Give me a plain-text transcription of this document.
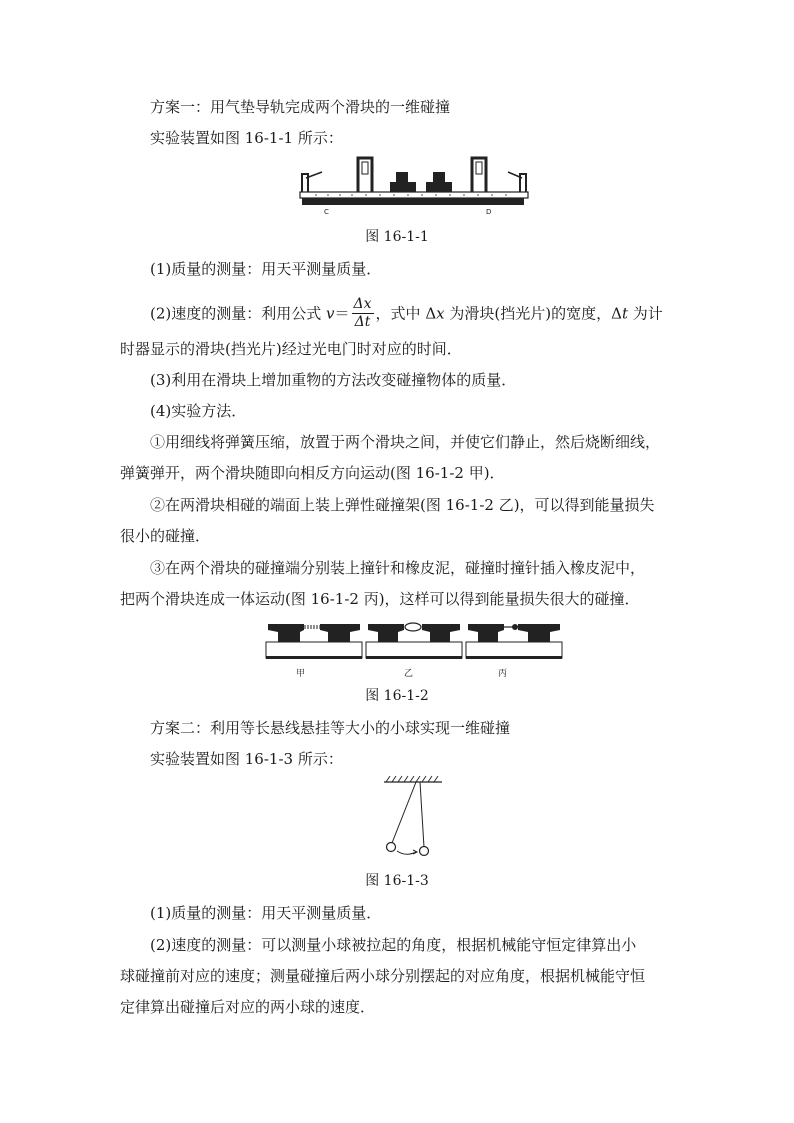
方案一：用气垫导轨完成两个滑块的一维碰撞
实验装置如图 16-1-1 所示：
C	D
图 16-1-1
(1)质量的测量：用天平测量质量．
(2)速度的测量：利用公式 $v= \frac{\Delta x}{\Delta t}$ ，式中 Δx 为滑块(挡光片)的宽度，Δt 为计
时器显示的滑块(挡光片)经过光电门时对应的时间．
(3)利用在滑块上增加重物的方法改变碰撞物体的质量．
(4)实验方法．
①用细线将弹簧压缩，放置于两个滑块之间，并使它们静止，然后烧断细线，
弹簧弹开，两个滑块随即向相反方向运动(图 16-1-2 甲)．
②在两滑块相碰的端面上装上弹性碰撞架(图 16-1-2 乙)，可以得到能量损失
很小的碰撞．
③在两个滑块的碰撞端分别装上撞针和橡皮泥，碰撞时撞针插入橡皮泥中，
把两个滑块连成一体运动(图 16-1-2 丙)，这样可以得到能量损失很大的碰撞．
甲	乙	丙
图 16-1-2
方案二：利用等长悬线悬挂等大小的小球实现一维碰撞
实验装置如图 16-1-3 所示：
图 16-1-3
(1)质量的测量：用天平测量质量．
(2)速度的测量：可以测量小球被拉起的角度，根据机械能守恒定律算出小
球碰撞前对应的速度；测量碰撞后两小球分别摆起的对应角度，根据机械能守恒
定律算出碰撞后对应的两小球的速度．
